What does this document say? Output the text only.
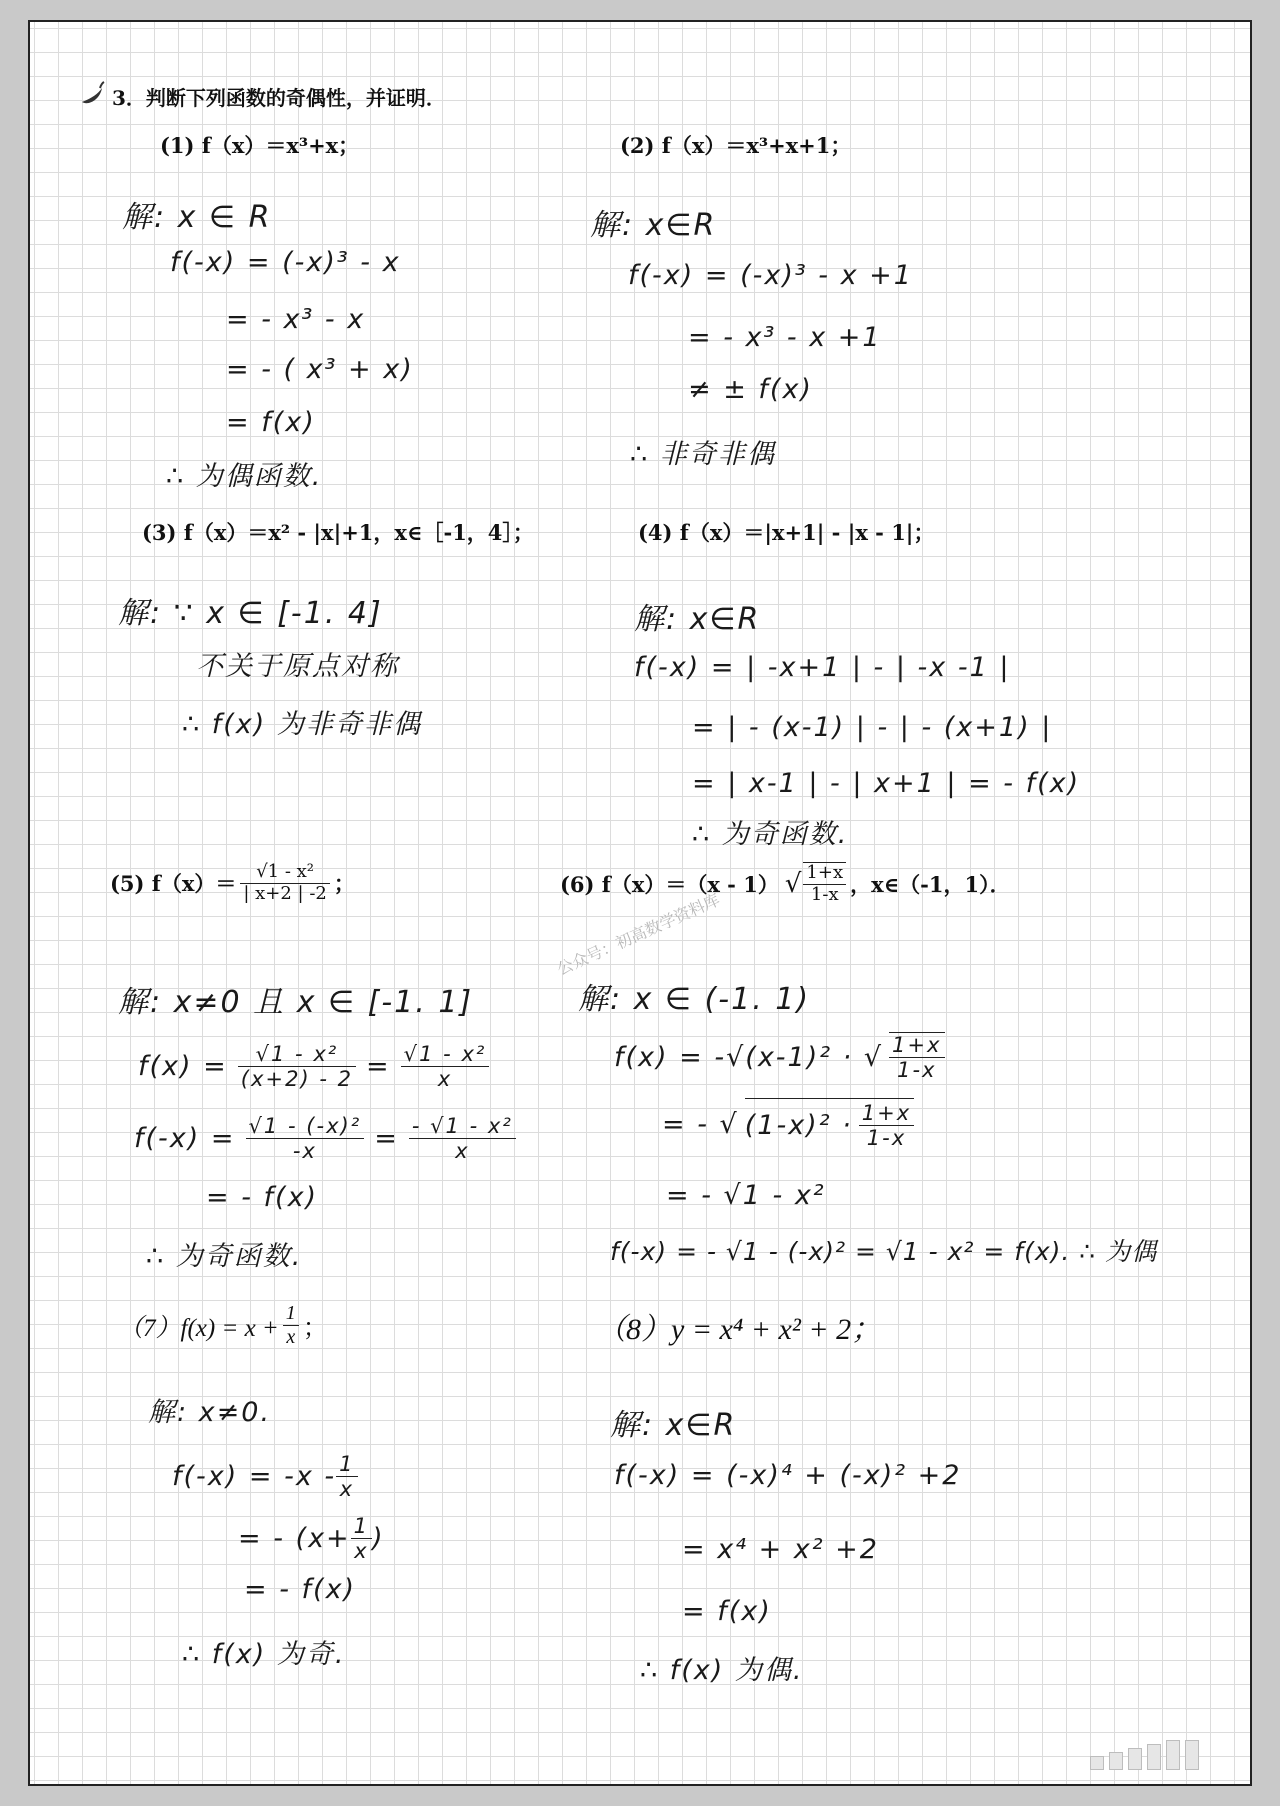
3．判断下列函数的奇偶性，并证明．
(1) f（x）＝x³+x；
解: x ∈ R
f(-x) = (-x)³ - x
= - x³ - x
= - ( x³ + x)
= f(x)
∴ 为偶函数.
(2) f（x）＝x³+x+1；
解: x∈R
f(-x) = (-x)³ - x +1
= - x³ - x +1
≠ ± f(x)
∴ 非奇非偶
(3) f（x）＝x² - |x|+1，x∈［-1，4］；
解: ∵ x ∈ [-1. 4]
不关于原点对称
∴ f(x) 为非奇非偶
(4) f（x）＝|x+1| - |x - 1|；
解: x∈R
f(-x) = | -x+1 | - | -x -1 |
= | - (x-1) | - | - (x+1) |
= | x-1 | - | x+1 | = - f(x)
∴ 为奇函数.
(5) $f(x)= \frac{\text{√1 - x²}}{| x+2 | -2}$ ；
解: x≠0 且 x ∈ [-1. 1]
$f(x) = \frac{\text{√1 - x²}}{(x+2) - 2} = \frac{\text{√1 - x²}}{x}$
$f(-x) = \frac{\text{√1 - (-x)²}}{-x} = \frac{\text{- √1 - x²}}{x}$
= - f(x)
∴ 为奇函数.
(6) f（x）＝（x - 1） √ $\frac{1+x}{1-x}$ ，x∈（-1，1）．
公众号：初高数学资料库
解: x ∈ (-1. 1)
f(x) = -√(x-1)² · √ $\frac{1+x}{1-x}$
= - √ $(1-x)^2 \cdot \frac{1+x}{1-x}$
= - √1 - x²
f(-x) = - √1 - (-x)² = √1 - x² = f(x). ∴ 为偶
$(7)f(x) = x + \frac{1}{x}$ ；
解: x≠0.
$f(-x) = -x - \frac{1}{x}$
= - ($x+ \frac{1}{x}$ )
= - f(x)
∴ f(x) 为奇.
（8）y = x⁴ + x² + 2；
解: x∈R
f(-x) = (-x)⁴ + (-x)² +2
= x⁴ + x² +2
= f(x)
∴ f(x) 为偶.
